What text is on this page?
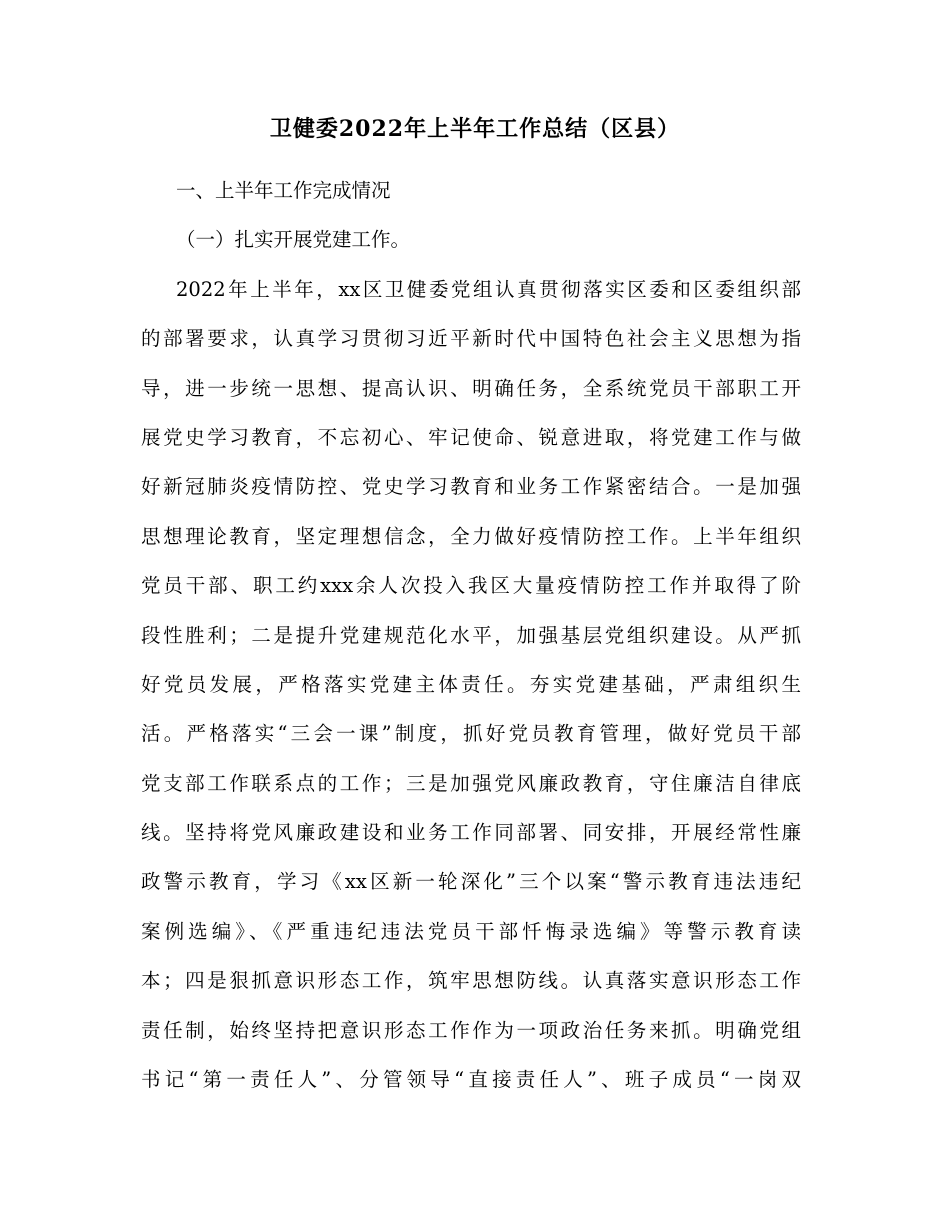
卫健委2022年上半年工作总结（区县）
一、上半年工作完成情况
（一）扎实开展党建工作。
2022年上半年，xx区卫健委党组认真贯彻落实区委和区委组织部
的部署要求，认真学习贯彻习近平新时代中国特色社会主义思想为指
导，进一步统一思想、提高认识、明确任务，全系统党员干部职工开
展党史学习教育，不忘初心、牢记使命、锐意进取，将党建工作与做
好新冠肺炎疫情防控、党史学习教育和业务工作紧密结合。一是加强
思想理论教育，坚定理想信念，全力做好疫情防控工作。上半年组织
党员干部、职工约xxx余人次投入我区大量疫情防控工作并取得了阶
段性胜利；二是提升党建规范化水平，加强基层党组织建设。从严抓
好党员发展，严格落实党建主体责任。夯实党建基础，严肃组织生
活。严格落实“三会一课”制度，抓好党员教育管理，做好党员干部
党支部工作联系点的工作；三是加强党风廉政教育，守住廉洁自律底
线。坚持将党风廉政建设和业务工作同部署、同安排，开展经常性廉
政警示教育，学习《xx区新一轮深化”三个以案“警示教育违法违纪
案例选编》、《严重违纪违法党员干部忏悔录选编》等警示教育读
本；四是狠抓意识形态工作，筑牢思想防线。认真落实意识形态工作
责任制，始终坚持把意识形态工作作为一项政治任务来抓。明确党组
书记“第一责任人”、分管领导“直接责任人”、班子成员“一岗双
